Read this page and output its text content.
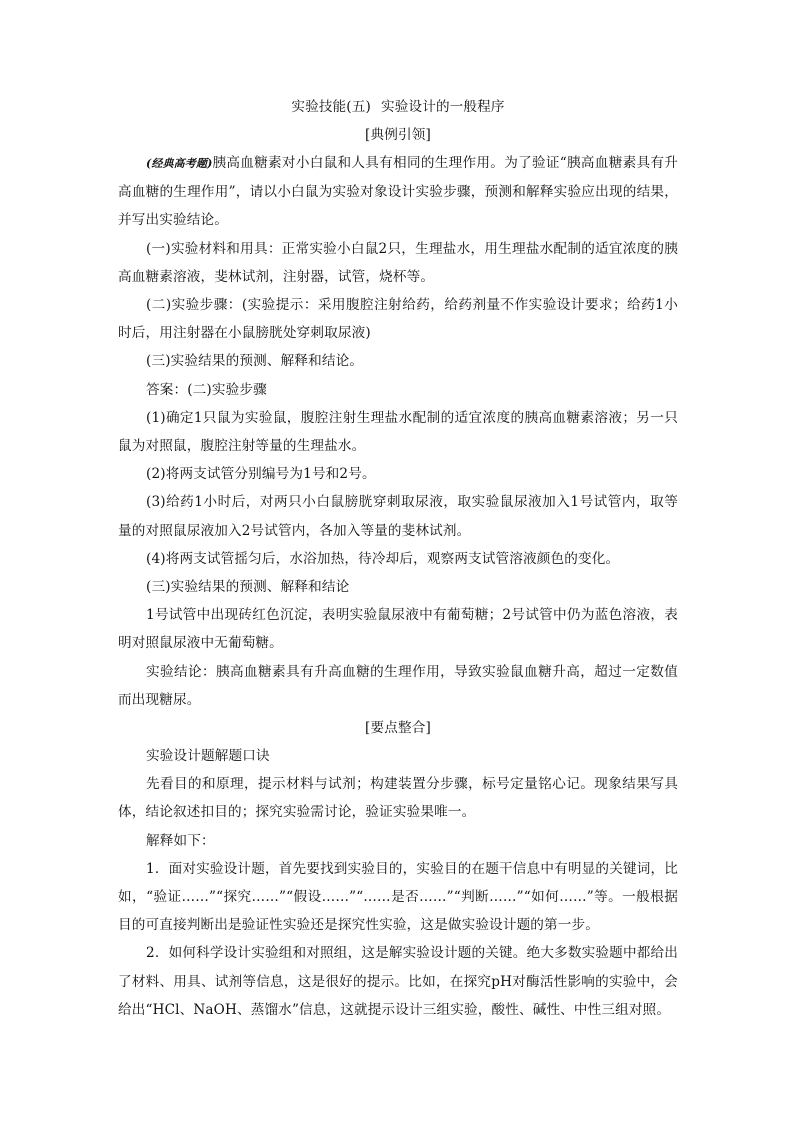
实验技能(五) 实验设计的一般程序

[典例引领]

(经典高考题)胰高血糖素对小白鼠和人具有相同的生理作用。为了验证“胰高血糖素具有升高血糖的生理作用”，请以小白鼠为实验对象设计实验步骤，预测和解释实验应出现的结果，并写出实验结论。

(一)实验材料和用具：正常实验小白鼠2只，生理盐水，用生理盐水配制的适宜浓度的胰高血糖素溶液，斐林试剂，注射器，试管，烧杯等。

(二)实验步骤：(实验提示：采用腹腔注射给药，给药剂量不作实验设计要求；给药1小时后，用注射器在小鼠膀胱处穿刺取尿液)

(三)实验结果的预测、解释和结论。

答案：(二)实验步骤

(1)确定1只鼠为实验鼠，腹腔注射生理盐水配制的适宜浓度的胰高血糖素溶液；另一只鼠为对照鼠，腹腔注射等量的生理盐水。

(2)将两支试管分别编号为1号和2号。

(3)给药1小时后，对两只小白鼠膀胱穿刺取尿液，取实验鼠尿液加入1号试管内，取等量的对照鼠尿液加入2号试管内，各加入等量的斐林试剂。

(4)将两支试管摇匀后，水浴加热，待冷却后，观察两支试管溶液颜色的变化。

(三)实验结果的预测、解释和结论

1号试管中出现砖红色沉淀，表明实验鼠尿液中有葡萄糖；2号试管中仍为蓝色溶液，表明对照鼠尿液中无葡萄糖。

实验结论：胰高血糖素具有升高血糖的生理作用，导致实验鼠血糖升高，超过一定数值而出现糖尿。

[要点整合]

实验设计题解题口诀

先看目的和原理，提示材料与试剂；构建装置分步骤，标号定量铭心记。现象结果写具体，结论叙述扣目的；探究实验需讨论，验证实验果唯一。

解释如下：

1．面对实验设计题，首先要找到实验目的，实验目的在题干信息中有明显的关键词，比如，“验证……”“探究……”“假设……”“……是否……”“判断……”“如何……”等。一般根据目的可直接判断出是验证性实验还是探究性实验，这是做实验设计题的第一步。

2．如何科学设计实验组和对照组，这是解实验设计题的关键。绝大多数实验题中都给出了材料、用具、试剂等信息，这是很好的提示。比如，在探究pH对酶活性影响的实验中，会给出“HCl、NaOH、蒸馏水”信息，这就提示设计三组实验，酸性、碱性、中性三组对照。
